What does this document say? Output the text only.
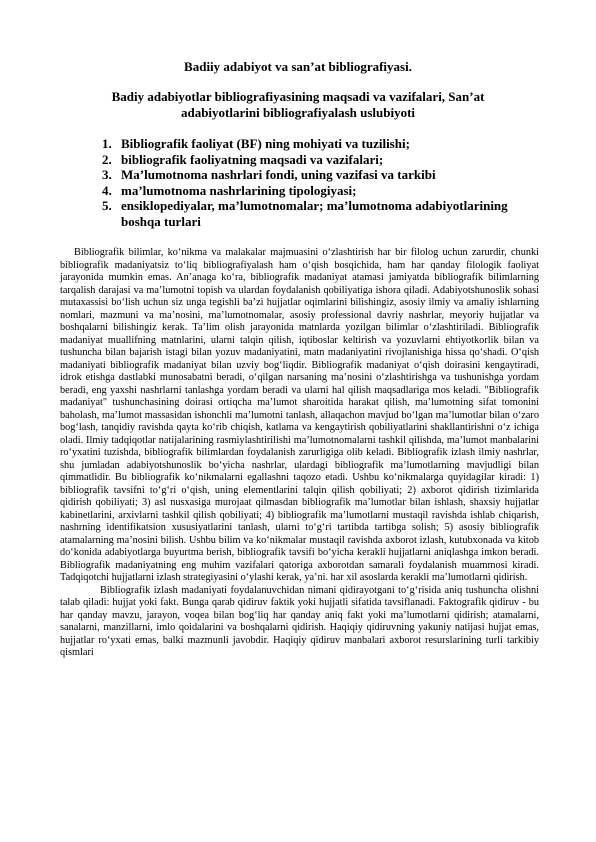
Badiiy adabiyot va san’at bibliografiyasi.
Badiy adabiyotlar bibliografiyasining maqsadi va vazifalari, San’at adabiyotlarini bibliografiyalash uslubiyoti
1. Bibliografik faoliyat (BF) ning mohiyati va tuzilishi;
2. bibliografik faoliyatning maqsadi va vazifalari;
3. Ma’lumotnoma nashrlari fondi, uning vazifasi va tarkibi
4. ma’lumotnoma nashrlarining tipologiyasi;
5. ensiklopediyalar, ma’lumotnomalar; ma’lumotnoma adabiyotlarining boshqa turlari

Bibliografik bilimlar, ko‘nikma va malakalar majmuasini o‘zlashtirish har bir filolog uchun zarurdir, chunki bibliografik madaniyatsiz to‘liq bibliografiyalash ham o‘qish bosqichida, ham har qanday filologik faoliyat jarayonida mumkin emas. An’anaga ko‘ra, bibliografik madaniyat atamasi jamiyatda bibliografik bilimlarning tarqalish darajasi va ma’lumotni topish va ulardan foydalanish qobiliyatiga ishora qiladi. Adabiyotshunoslik sohasi mutaxassisi bo‘lish uchun siz unga tegishli ba’zi hujjatlar oqimlarini bilishingiz, asosiy ilmiy va amaliy ishlarning nomlari, mazmuni va ma’nosini, ma’lumotnomalar, asosiy professional davriy nashrlar, meyoriy hujjatlar va boshqalarni bilishingiz kerak. Ta’lim olish jarayonida matnlarda yozilgan bilimlar o‘zlashtiriladi. Bibliografik madaniyat muallifning matnlarini, ularni talqin qilish, iqtiboslar keltirish va yozuvlarni ehtiyotkorlik bilan va tushuncha bilan bajarish istagi bilan yozuv madaniyatini, matn madaniyatini rivojlanishiga hissa qo‘shadi. O‘qish madaniyati bibliografik madaniyat bilan uzviy bog‘liqdir. Bibliografik madaniyat o‘qish doirasini kengaytiradi, idrok etishga dastlabki munosabatni beradi, o‘qilgan narsaning ma’nosini o‘zlashtirishga va tushunishga yordam beradi, eng yaxshi nashrlarni tanlashga yordam beradi va ularni hal qilish maqsadlariga mos keladi. "Bibliografik madaniyat" tushunchasining doirasi ortiqcha ma’lumot sharoitida harakat qilish, ma’lumotning sifat tomonini baholash, ma’lumot massasidan ishonchli ma’lumotni tanlash, allaqachon mavjud bo‘lgan ma’lumotlar bilan o‘zaro bog‘lash, tanqidiy ravishda qayta ko‘rib chiqish, katlama va kengaytirish qobiliyatlarini shakllantirishni o‘z ichiga oladi. Ilmiy tadqiqotlar natijalarining rasmiylashtirilishi ma’lumotnomalarni tashkil qilishda, ma’lumot manbalarini ro‘yxatini tuzishda, bibliografik bilimlardan foydalanish zarurligiga olib keladi. Bibliografik izlash ilmiy nashrlar, shu jumladan adabiyotshunoslik bo‘yicha nashrlar, ulardagi bibliografik ma’lumotlarning mavjudligi bilan qimmatlidir. Bu bibliografik ko‘nikmalarni egallashni taqozo etadi. Ushbu ko‘nikmalarga quyidagilar kiradi: 1) bibliografik tavsifni to‘g‘ri o‘qish, uning elementlarini talqin qilish qobiliyati; 2) axborot qidirish tizimlarida qidirish qobiliyati; 3) asl nusxasiga murojaat qilmasdan bibliografik ma’lumotlar bilan ishlash, shaxsiy hujjatlar kabinetlarini, arxivlarni tashkil qilish qobiliyati; 4) bibliografik ma’lumotlarni mustaqil ravishda ishlab chiqarish, nashrning identifikatsion xususiyatlarini tanlash, ularni to‘g‘ri tartibda tartibga solish; 5) asosiy bibliografik atamalarning ma’nosini bilish. Ushbu bilim va ko‘nikmalar mustaqil ravishda axborot izlash, kutubxonada va kitob do‘konida adabiyotlarga buyurtma berish, bibliografik tavsifi bo‘yicha kerakli hujjatlarni aniqlashga imkon beradi. Bibliografik madaniyatning eng muhim vazifalari qatoriga axborotdan samarali foydalanish muammosi kiradi. Tadqiqotchi hujjatlarni izlash strategiyasini o‘ylashi kerak, ya’ni. har xil asoslarda kerakli ma’lumotlarni qidirish.

Bibliografik izlash madaniyati foydalanuvchidan nimani qidirayotgani to‘g‘risida aniq tushuncha olishni talab qiladi: hujjat yoki fakt. Bunga qarab qidiruv faktik yoki hujjatli sifatida tavsiflanadi. Faktografik qidiruv - bu har qanday mavzu, jarayon, voqea bilan bog‘liq har qanday aniq fakt yoki ma’lumotlarni qidirish; atamalarni, sanalarni, manzillarni, imlo qoidalarini va boshqalarni qidirish. Haqiqiy qidiruvning yakuniy natijasi hujjat emas, hujjatlar ro‘yxati emas, balki mazmunli javobdir. Haqiqiy qidiruv manbalari axborot resurslarining turli tarkibiy qismlari
